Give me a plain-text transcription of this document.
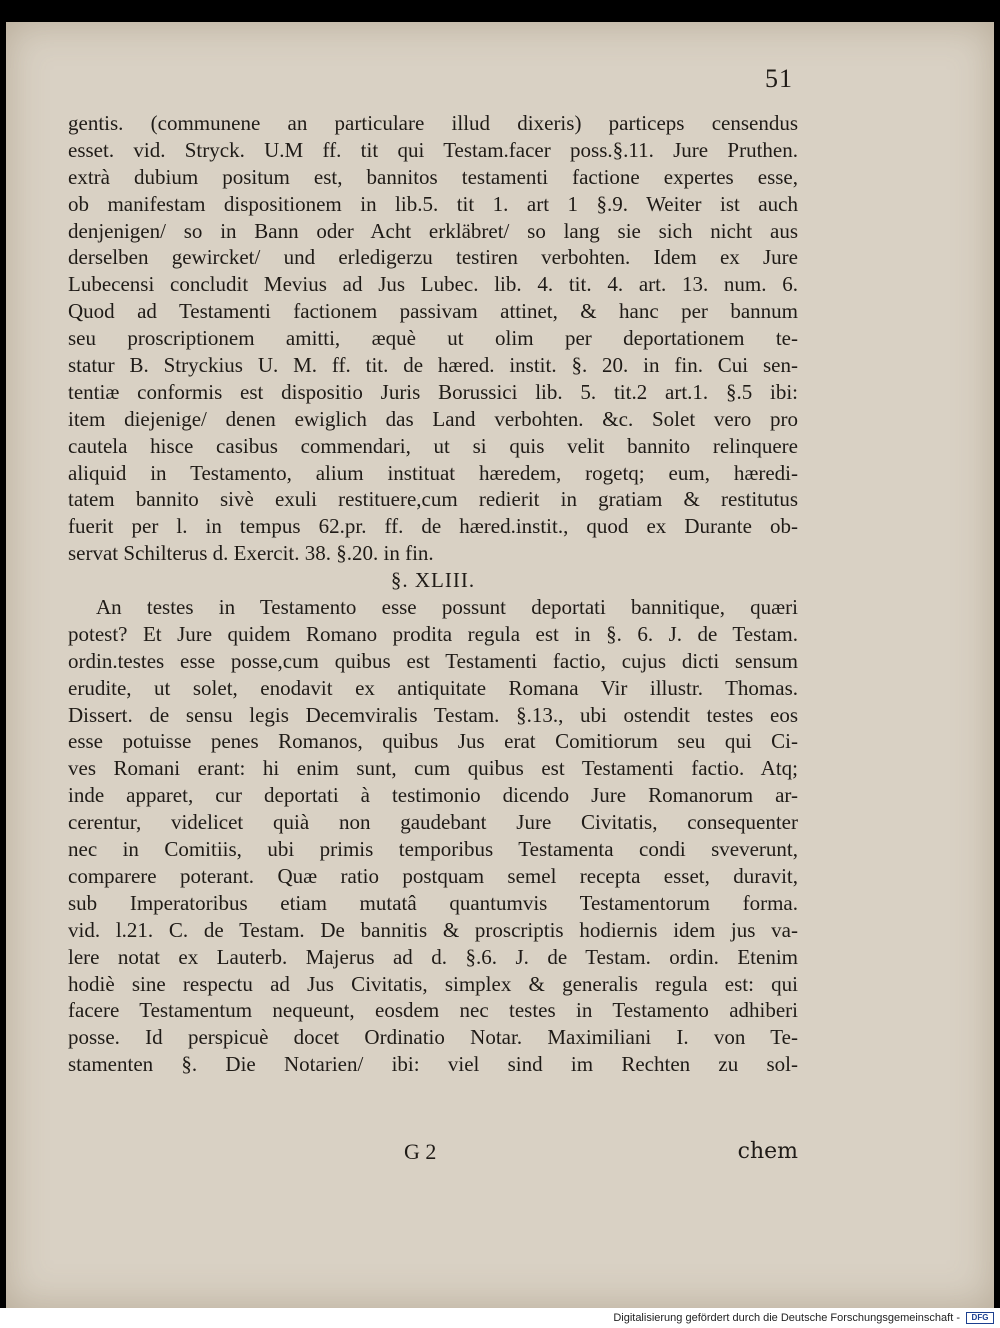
51
gentis. (communene an particulare illud dixeris) particeps censendus
esset. vid. Stryck. U.M ff. tit qui Testam.facer poss.§.11. Jure Pruthen.
extrà dubium positum est, bannitos testamenti factione expertes esse,
ob manifestam dispositionem in lib.5. tit 1. art 1 §.9. Weiter ist auch
denjenigen/ so in Bann oder Acht erkläbret/ so lang sie sich nicht aus
derselben gewircket/ und erledigerzu testiren verbohten. Idem ex Jure
Lubecensi concludit Mevius ad Jus Lubec. lib. 4. tit. 4. art. 13. num. 6.
Quod ad Testamenti factionem passivam attinet, & hanc per bannum
seu proscriptionem amitti, æquè ut olim per deportationem te-
statur B. Stryckius U. M. ff. tit. de hæred. instit. §. 20. in fin. Cui sen-
tentiæ conformis est dispositio Juris Borussici lib. 5. tit.2 art.1. §.5 ibi:
item diejenige/ denen ewiglich das Land verbohten. &c. Solet vero pro
cautela hisce casibus commendari, ut si quis velit bannito relinquere
aliquid in Testamento, alium instituat hæredem, rogetq; eum, hæredi-
tatem bannito sivè exuli restituere,cum redierit in gratiam & restitutus
fuerit per l. in tempus 62.pr. ff. de hæred.instit., quod ex Durante ob-
servat Schilterus d. Exercit. 38. §.20. in fin.
§. XLIII.
An testes in Testamento esse possunt deportati bannitique, quæri
potest? Et Jure quidem Romano prodita regula est in §. 6. J. de Testam.
ordin.testes esse posse,cum quibus est Testamenti factio, cujus dicti sensum
erudite, ut solet, enodavit ex antiquitate Romana Vir illustr. Thomas.
Dissert. de sensu legis Decemviralis Testam. §.13., ubi ostendit testes eos
esse potuisse penes Romanos, quibus Jus erat Comitiorum seu qui Ci-
ves Romani erant: hi enim sunt, cum quibus est Testamenti factio. Atq;
inde apparet, cur deportati à testimonio dicendo Jure Romanorum ar-
cerentur, videlicet quià non gaudebant Jure Civitatis, consequenter
nec in Comitiis, ubi primis temporibus Testamenta condi sveverunt,
comparere poterant. Quæ ratio postquam semel recepta esset, duravit,
sub Imperatoribus etiam mutatâ quantumvis Testamentorum forma.
vid. l.21. C. de Testam. De bannitis & proscriptis hodiernis idem jus va-
lere notat ex Lauterb. Majerus ad d. §.6. J. de Testam. ordin. Etenim
hodiè sine respectu ad Jus Civitatis, simplex & generalis regula est: qui
facere Testamentum nequeunt, eosdem nec testes in Testamento adhiberi
posse. Id perspicuè docet Ordinatio Notar. Maximiliani I. von Te-
stamenten §. Die Notarien/ ibi: viel sind im Rechten zu sol-
G 2	chem
Digitalisierung gefördert durch die Deutsche Forschungsgemeinschaft -	DFG
